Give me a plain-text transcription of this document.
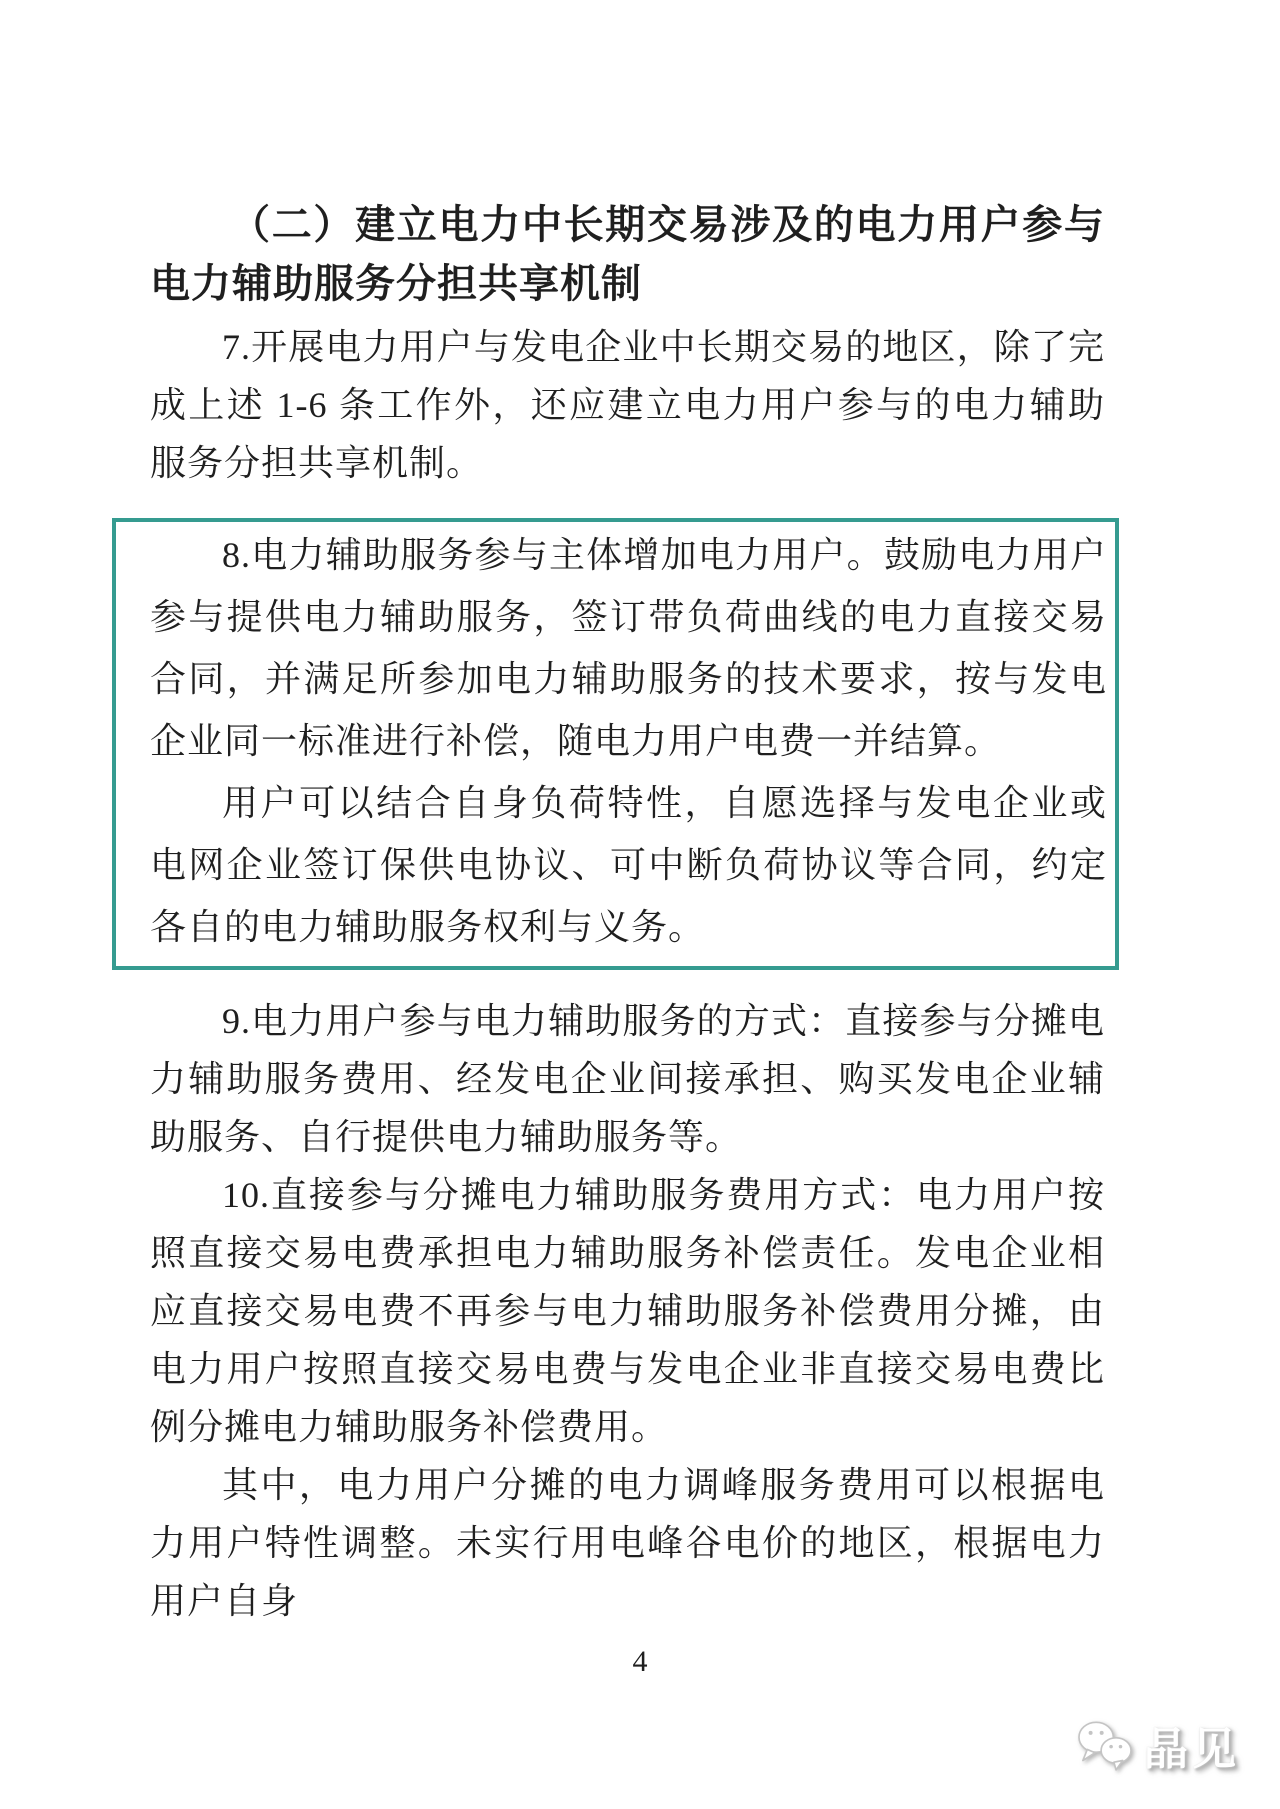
（二）建立电力中长期交易涉及的电力用户参与电力辅助服务分担共享机制

7.开展电力用户与发电企业中长期交易的地区，除了完成上述 1-6 条工作外，还应建立电力用户参与的电力辅助服务分担共享机制。

8.电力辅助服务参与主体增加电力用户。鼓励电力用户参与提供电力辅助服务，签订带负荷曲线的电力直接交易合同，并满足所参加电力辅助服务的技术要求，按与发电企业同一标准进行补偿，随电力用户电费一并结算。

用户可以结合自身负荷特性，自愿选择与发电企业或电网企业签订保供电协议、可中断负荷协议等合同，约定各自的电力辅助服务权利与义务。

9.电力用户参与电力辅助服务的方式：直接参与分摊电力辅助服务费用、经发电企业间接承担、购买发电企业辅助服务、自行提供电力辅助服务等。

10.直接参与分摊电力辅助服务费用方式：电力用户按照直接交易电费承担电力辅助服务补偿责任。发电企业相应直接交易电费不再参与电力辅助服务补偿费用分摊，由电力用户按照直接交易电费与发电企业非直接交易电费比例分摊电力辅助服务补偿费用。

其中，电力用户分摊的电力调峰服务费用可以根据电力用户特性调整。未实行用电峰谷电价的地区，根据电力用户自身

4
晶见
